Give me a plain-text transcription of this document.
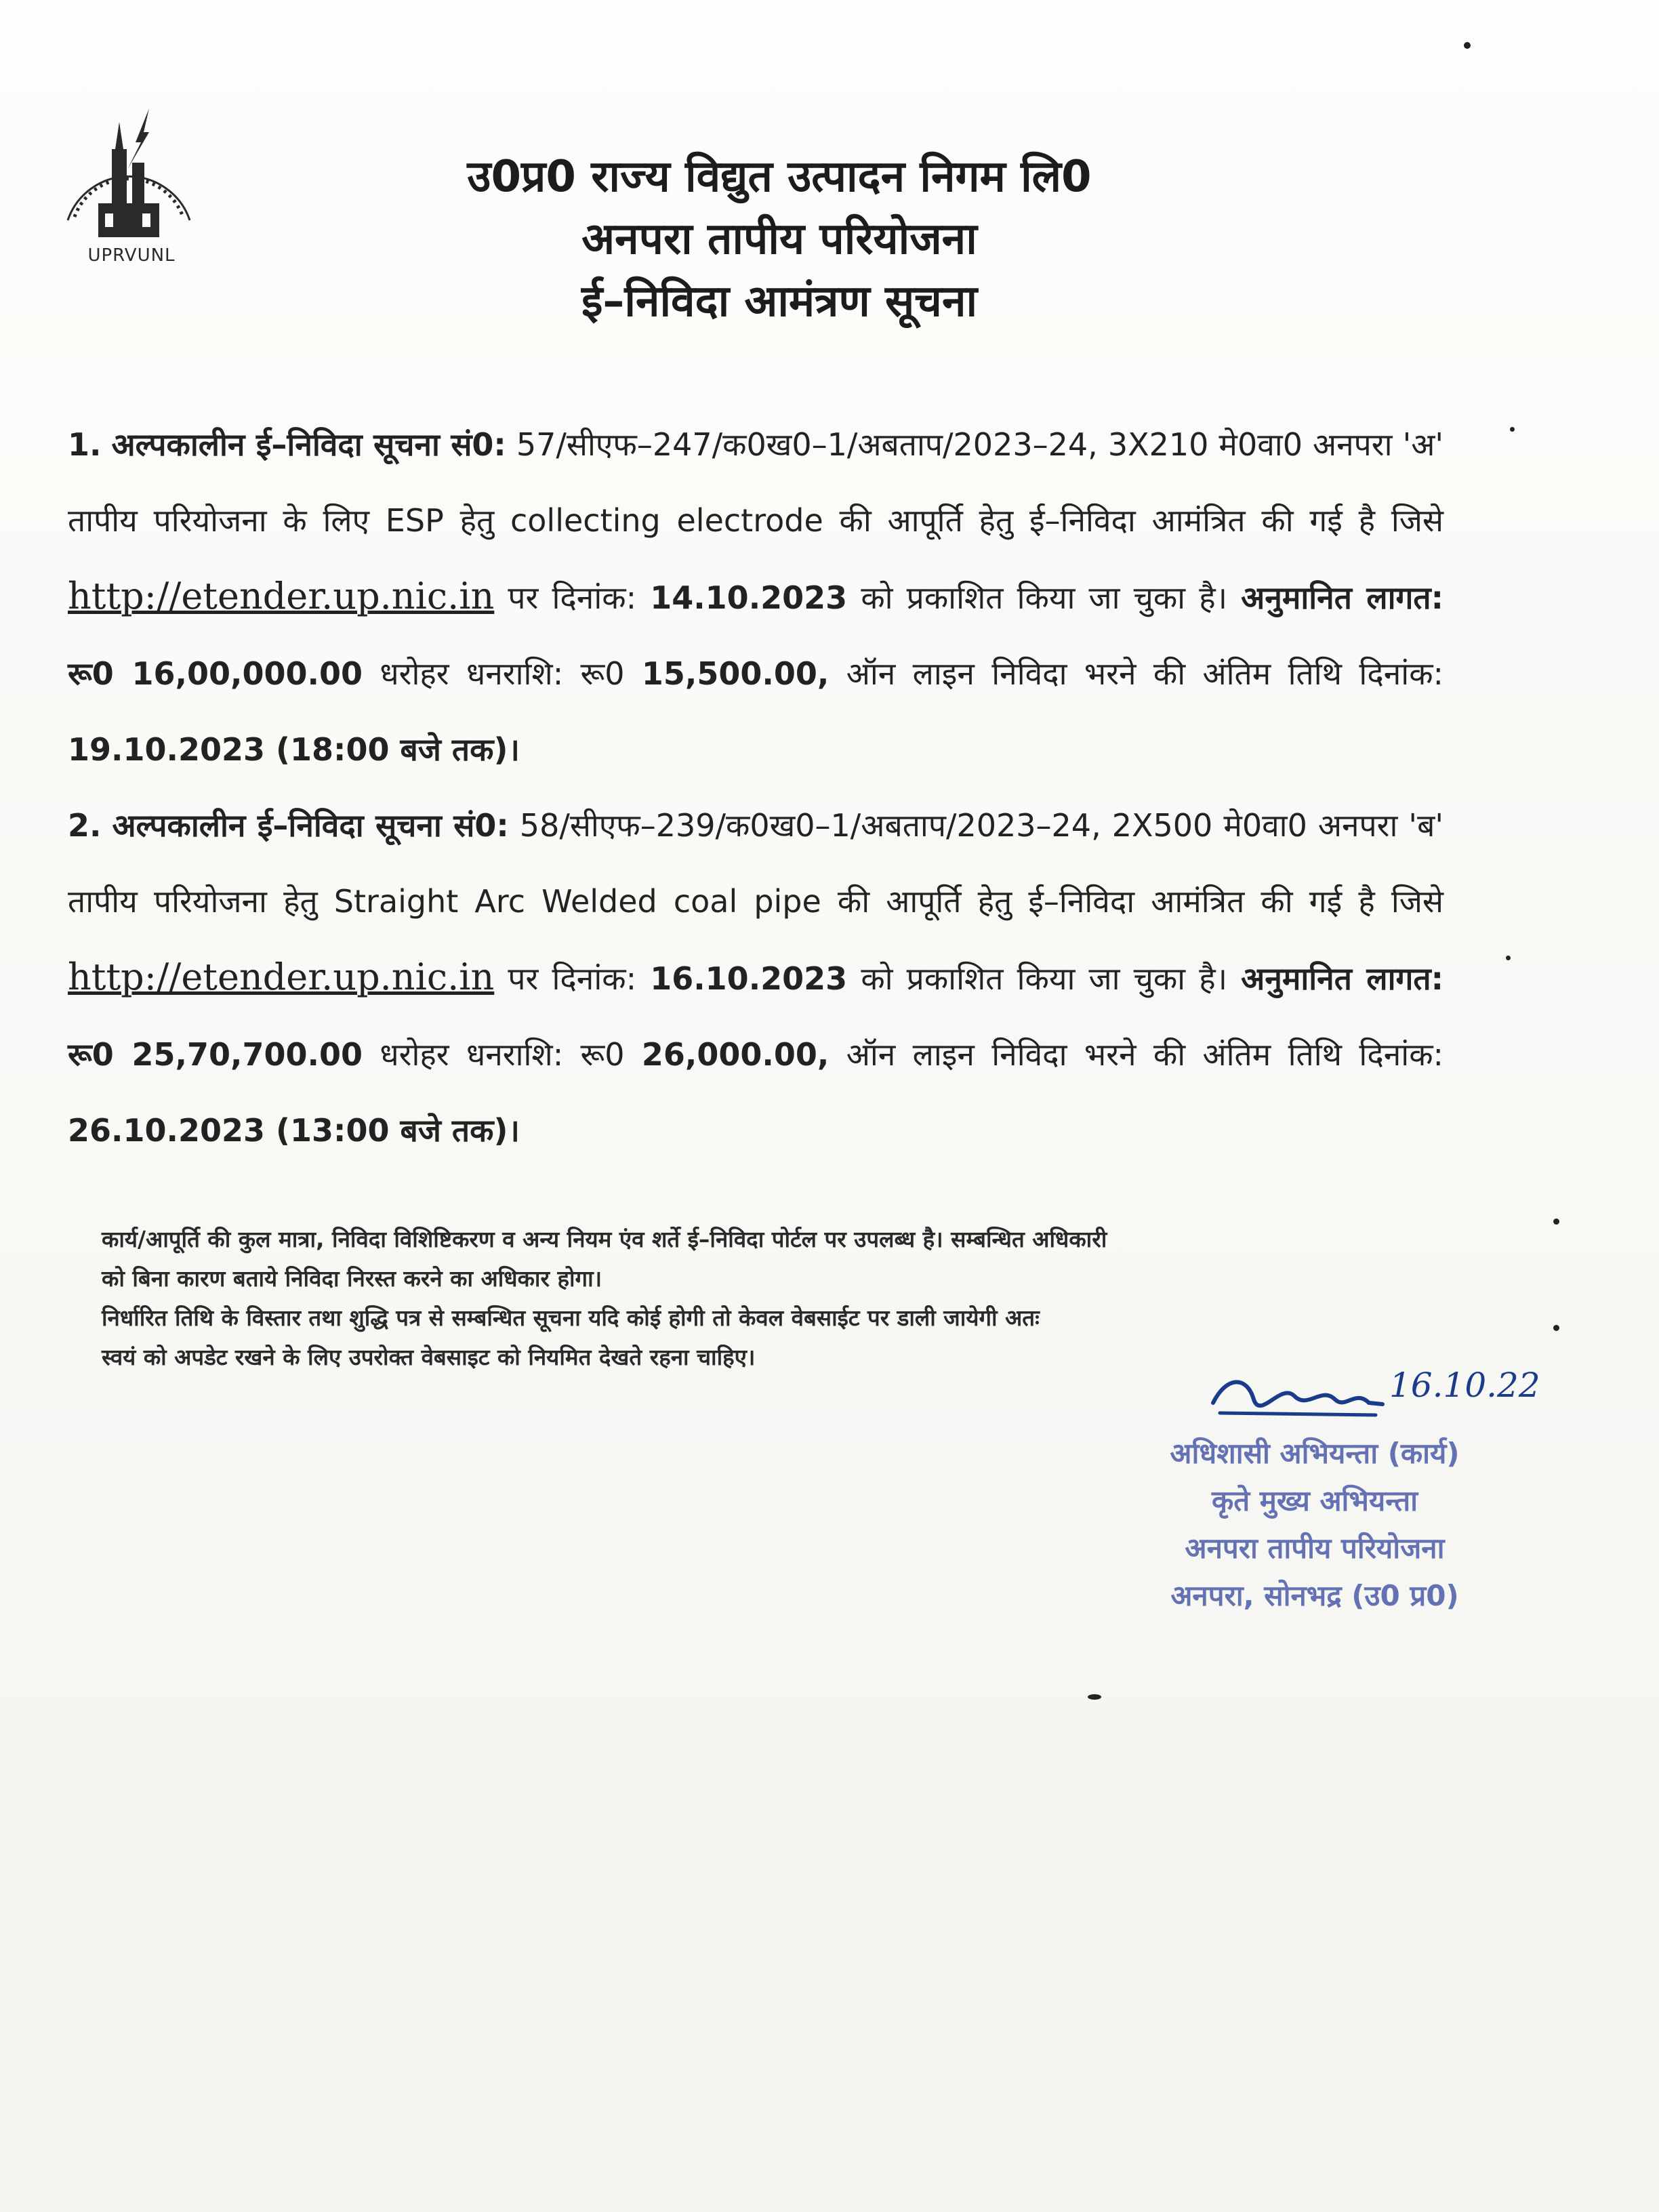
UPRVUNL
उ0प्र0 राज्य विद्युत उत्पादन निगम लि0
अनपरा तापीय परियोजना
ई–निविदा आमंत्रण सूचना
1. अल्पकालीन ई–निविदा सूचना सं0: 57/सीएफ–247/क0ख0–1/अबताप/2023–24, 3X210 मे0वा0 अनपरा 'अ' तापीय परियोजना के लिए ESP हेतु collecting electrode की आपूर्ति हेतु ई–निविदा आमंत्रित की गई है जिसे http://etender.up.nic.in पर दिनांक: 14.10.2023 को प्रकाशित किया जा चुका है। अनुमानित लागत: रू0 16,00,000.00 धरोहर धनराशि: रू0 15,500.00, ऑन लाइन निविदा भरने की अंतिम तिथि दिनांक: 19.10.2023 (18:00 बजे तक)।
2. अल्पकालीन ई–निविदा सूचना सं0: 58/सीएफ–239/क0ख0–1/अबताप/2023–24, 2X500 मे0वा0 अनपरा 'ब' तापीय परियोजना हेतु Straight Arc Welded coal pipe की आपूर्ति हेतु ई–निविदा आमंत्रित की गई है जिसे http://etender.up.nic.in पर दिनांक: 16.10.2023 को प्रकाशित किया जा चुका है। अनुमानित लागत: रू0 25,70,700.00 धरोहर धनराशि: रू0 26,000.00, ऑन लाइन निविदा भरने की अंतिम तिथि दिनांक: 26.10.2023 (13:00 बजे तक)।
कार्य/आपूर्ति की कुल मात्रा, निविदा विशिष्टिकरण व अन्य नियम एंव शर्ते ई–निविदा पोर्टल पर उपलब्ध है। सम्बन्धित अधिकारी
को बिना कारण बताये निविदा निरस्त करने का अधिकार होगा।
निर्धारित तिथि के विस्तार तथा शुद्धि पत्र से सम्बन्धित सूचना यदि कोई होगी तो केवल वेबसाईट पर डाली जायेगी अतः
स्वयं को अपडेट रखने के लिए उपरोक्त वेबसाइट को नियमित देखते रहना चाहिए।
16.10.22
अधिशासी अभियन्ता (कार्य)
कृते मुख्य अभियन्ता
अनपरा तापीय परियोजना
अनपरा, सोनभद्र (उ0 प्र0)
